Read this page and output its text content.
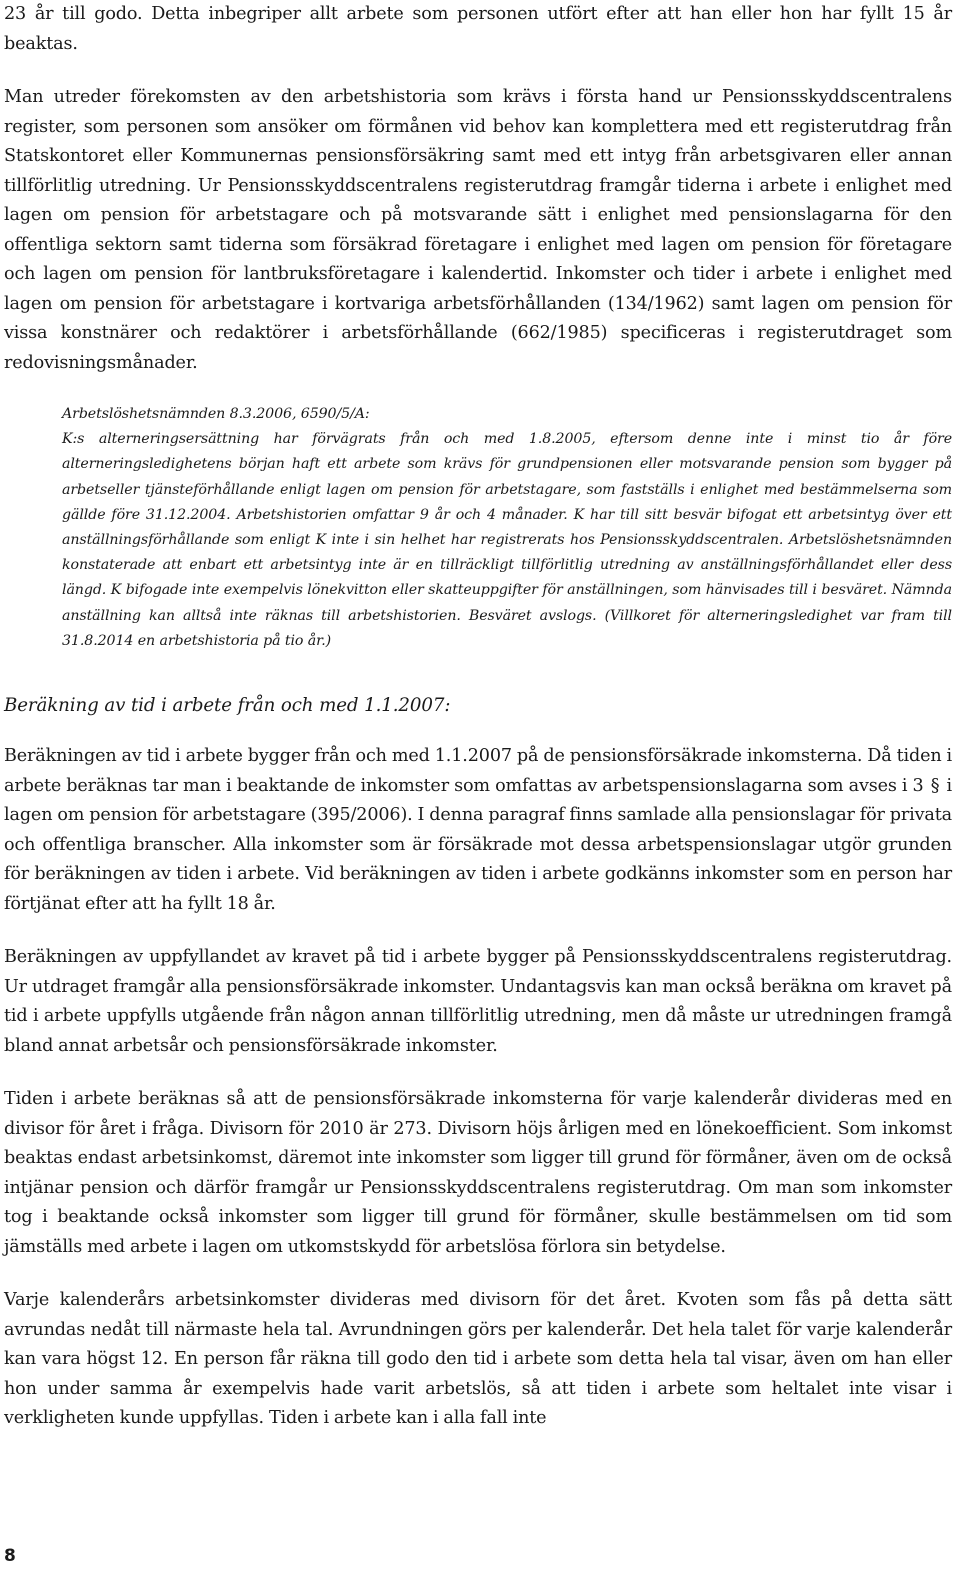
23 år till godo. Detta inbegriper allt arbete som personen utfört efter att han eller hon har fyllt 15 år beaktas.

Man utreder förekomsten av den arbetshistoria som krävs i första hand ur Pensionsskyddscentralens register, som personen som ansöker om förmånen vid behov kan komplettera med ett registerutdrag från Statskontoret eller Kommunernas pensionsförsäkring samt med ett intyg från arbetsgivaren eller annan tillförlitlig utredning. Ur Pensionsskyddscentralens registerutdrag framgår tiderna i arbete i enlighet med lagen om pension för arbetstagare och på motsvarande sätt i enlighet med pensionslagarna för den offentliga sektorn samt tiderna som försäkrad företagare i enlighet med lagen om pension för företagare och lagen om pension för lantbruksföretagare i kalendertid. Inkomster och tider i arbete i enlighet med lagen om pension för arbetstagare i kortvariga arbetsförhållanden (134/1962) samt lagen om pension för vissa konstnärer och redaktörer i arbetsförhållande (662/1985) specificeras i registerutdraget som redovisningsmånader.

Arbetslöshetsnämnden 8.3.2006, 6590/5/A:

K:s alterneringsersättning har förvägrats från och med 1.8.2005, eftersom denne inte i minst tio år före alterneringsledighetens början haft ett arbete som krävs för grundpensionen eller motsvarande pension som bygger på arbetseller tjänsteförhållande enligt lagen om pension för arbetstagare, som fastställs i enlighet med bestämmelserna som gällde före 31.12.2004. Arbetshistorien omfattar 9 år och 4 månader. K har till sitt besvär bifogat ett arbetsintyg över ett anställningsförhållande som enligt K inte i sin helhet har registrerats hos Pensionsskyddscentralen. Arbetslöshetsnämnden konstaterade att enbart ett arbetsintyg inte är en tillräckligt tillförlitlig utredning av anställningsförhållandet eller dess längd. K bifogade inte exempelvis lönekvitton eller skatteuppgifter för anställningen, som hänvisades till i besväret. Nämnda anställning kan alltså inte räknas till arbetshistorien. Besväret avslogs. (Villkoret för alterneringsledighet var fram till 31.8.2014 en arbetshistoria på tio år.)

Beräkning av tid i arbete från och med 1.1.2007:

Beräkningen av tid i arbete bygger från och med 1.1.2007 på de pensionsförsäkrade inkomsterna. Då tiden i arbete beräknas tar man i beaktande de inkomster som omfattas av arbetspensionslagarna som avses i 3 § i lagen om pension för arbetstagare (395/2006). I denna paragraf finns samlade alla pensionslagar för privata och offentliga branscher. Alla inkomster som är försäkrade mot dessa arbetspensionslagar utgör grunden för beräkningen av tiden i arbete. Vid beräkningen av tiden i arbete godkänns inkomster som en person har förtjänat efter att ha fyllt 18 år.

Beräkningen av uppfyllandet av kravet på tid i arbete bygger på Pensionsskyddscentralens registerutdrag. Ur utdraget framgår alla pensionsförsäkrade inkomster. Undantagsvis kan man också beräkna om kravet på tid i arbete uppfylls utgående från någon annan tillförlitlig utredning, men då måste ur utredningen framgå bland annat arbetsår och pensionsförsäkrade inkomster.

Tiden i arbete beräknas så att de pensionsförsäkrade inkomsterna för varje kalenderår divideras med en divisor för året i fråga. Divisorn för 2010 är 273. Divisorn höjs årligen med en lönekoefficient. Som inkomst beaktas endast arbetsinkomst, däremot inte inkomster som ligger till grund för förmåner, även om de också intjänar pension och därför framgår ur Pensionsskyddscentralens registerutdrag. Om man som inkomster tog i beaktande också inkomster som ligger till grund för förmåner, skulle bestämmelsen om tid som jämställs med arbete i lagen om utkomstskydd för arbetslösa förlora sin betydelse.

Varje kalenderårs arbetsinkomster divideras med divisorn för det året. Kvoten som fås på detta sätt avrundas nedåt till närmaste hela tal. Avrundningen görs per kalenderår. Det hela talet för varje kalenderår kan vara högst 12. En person får räkna till godo den tid i arbete som detta hela tal visar, även om han eller hon under samma år exempelvis hade varit arbetslös, så att tiden i arbete som heltalet inte visar i verkligheten kunde uppfyllas. Tiden i arbete kan i alla fall inte

8
